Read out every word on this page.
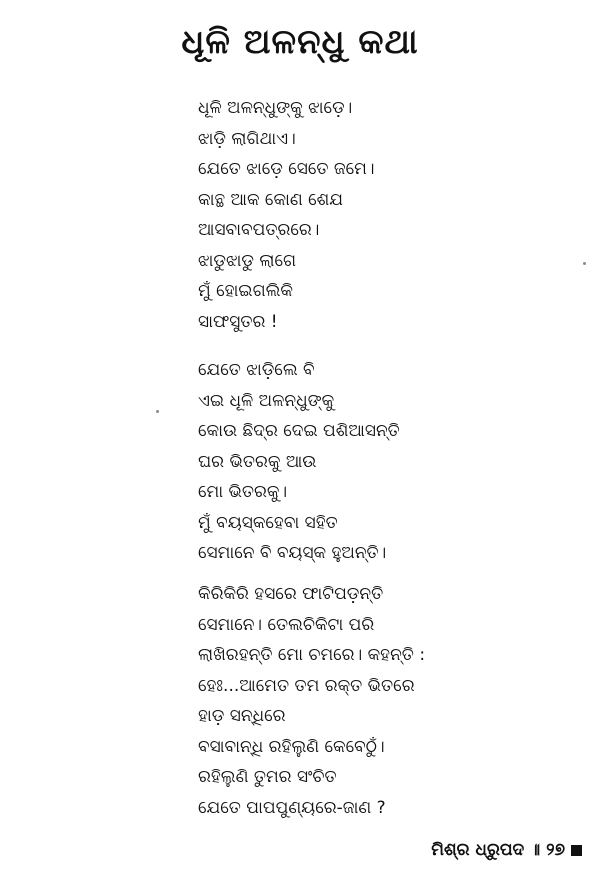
ଧୂଳି ଅଳନ୍ଧୁ କଥା
ଧୂଳି ଅଳନ୍ଧୁଙ୍କୁ ଝାଡ଼େ।
ଝାଡ଼ି ଲାଗିଥାଏ।
ଯେତେ ଝାଡ଼େ ସେତେ ଜମେ।
କାନ୍ଥ ଆକ କୋଣ ଶେଯ
ଆସବାବପତ୍ରରେ।
ଝାଡୁଝାଡୁ ଲାଗେ
ମୁଁ ହୋଇଗଲିକି
ସାଫସୁତର !
ଯେତେ ଝାଡ଼ିଲେ ବି
ଏଇ ଧୂଳି ଅଳନ୍ଧୁଙ୍କୁ
କୋଉ ଛିଦ୍ର ଦେଇ ପଶିଆସନ୍ତି
ଘର ଭିତରକୁ ଆଉ
ମୋ ଭିତରକୁ।
ମୁଁ ବୟସ୍କହେବା ସହିତ
ସେମାନେ ବି ବୟସ୍କ ହୁଅନ୍ତି।
କିରିକିରି ହସରେ ଫାଟିପଡ଼ନ୍ତି
ସେମାନେ। ତେଲଚିକିଟା ପରି
ଲାଖିରହନ୍ତି ମୋ ଚମରେ। କହନ୍ତି :
ହେଃ...ଆମେତ ତମ ରକ୍ତ ଭିତରେ
ହାଡ଼ ସନ୍ଧିରେ
ବସାବାନ୍ଧି ରହିଲୁଣି କେବେଠୁଁ।
ରହିଲୁଣି ତୁମର ସଂଚିତ
ଯେତେ ପାପପୁଣ୍ୟରେ-ଜାଣ ?
ମିଶ୍ର ଧ୍ରୁପଦ ॥ ୨୭
